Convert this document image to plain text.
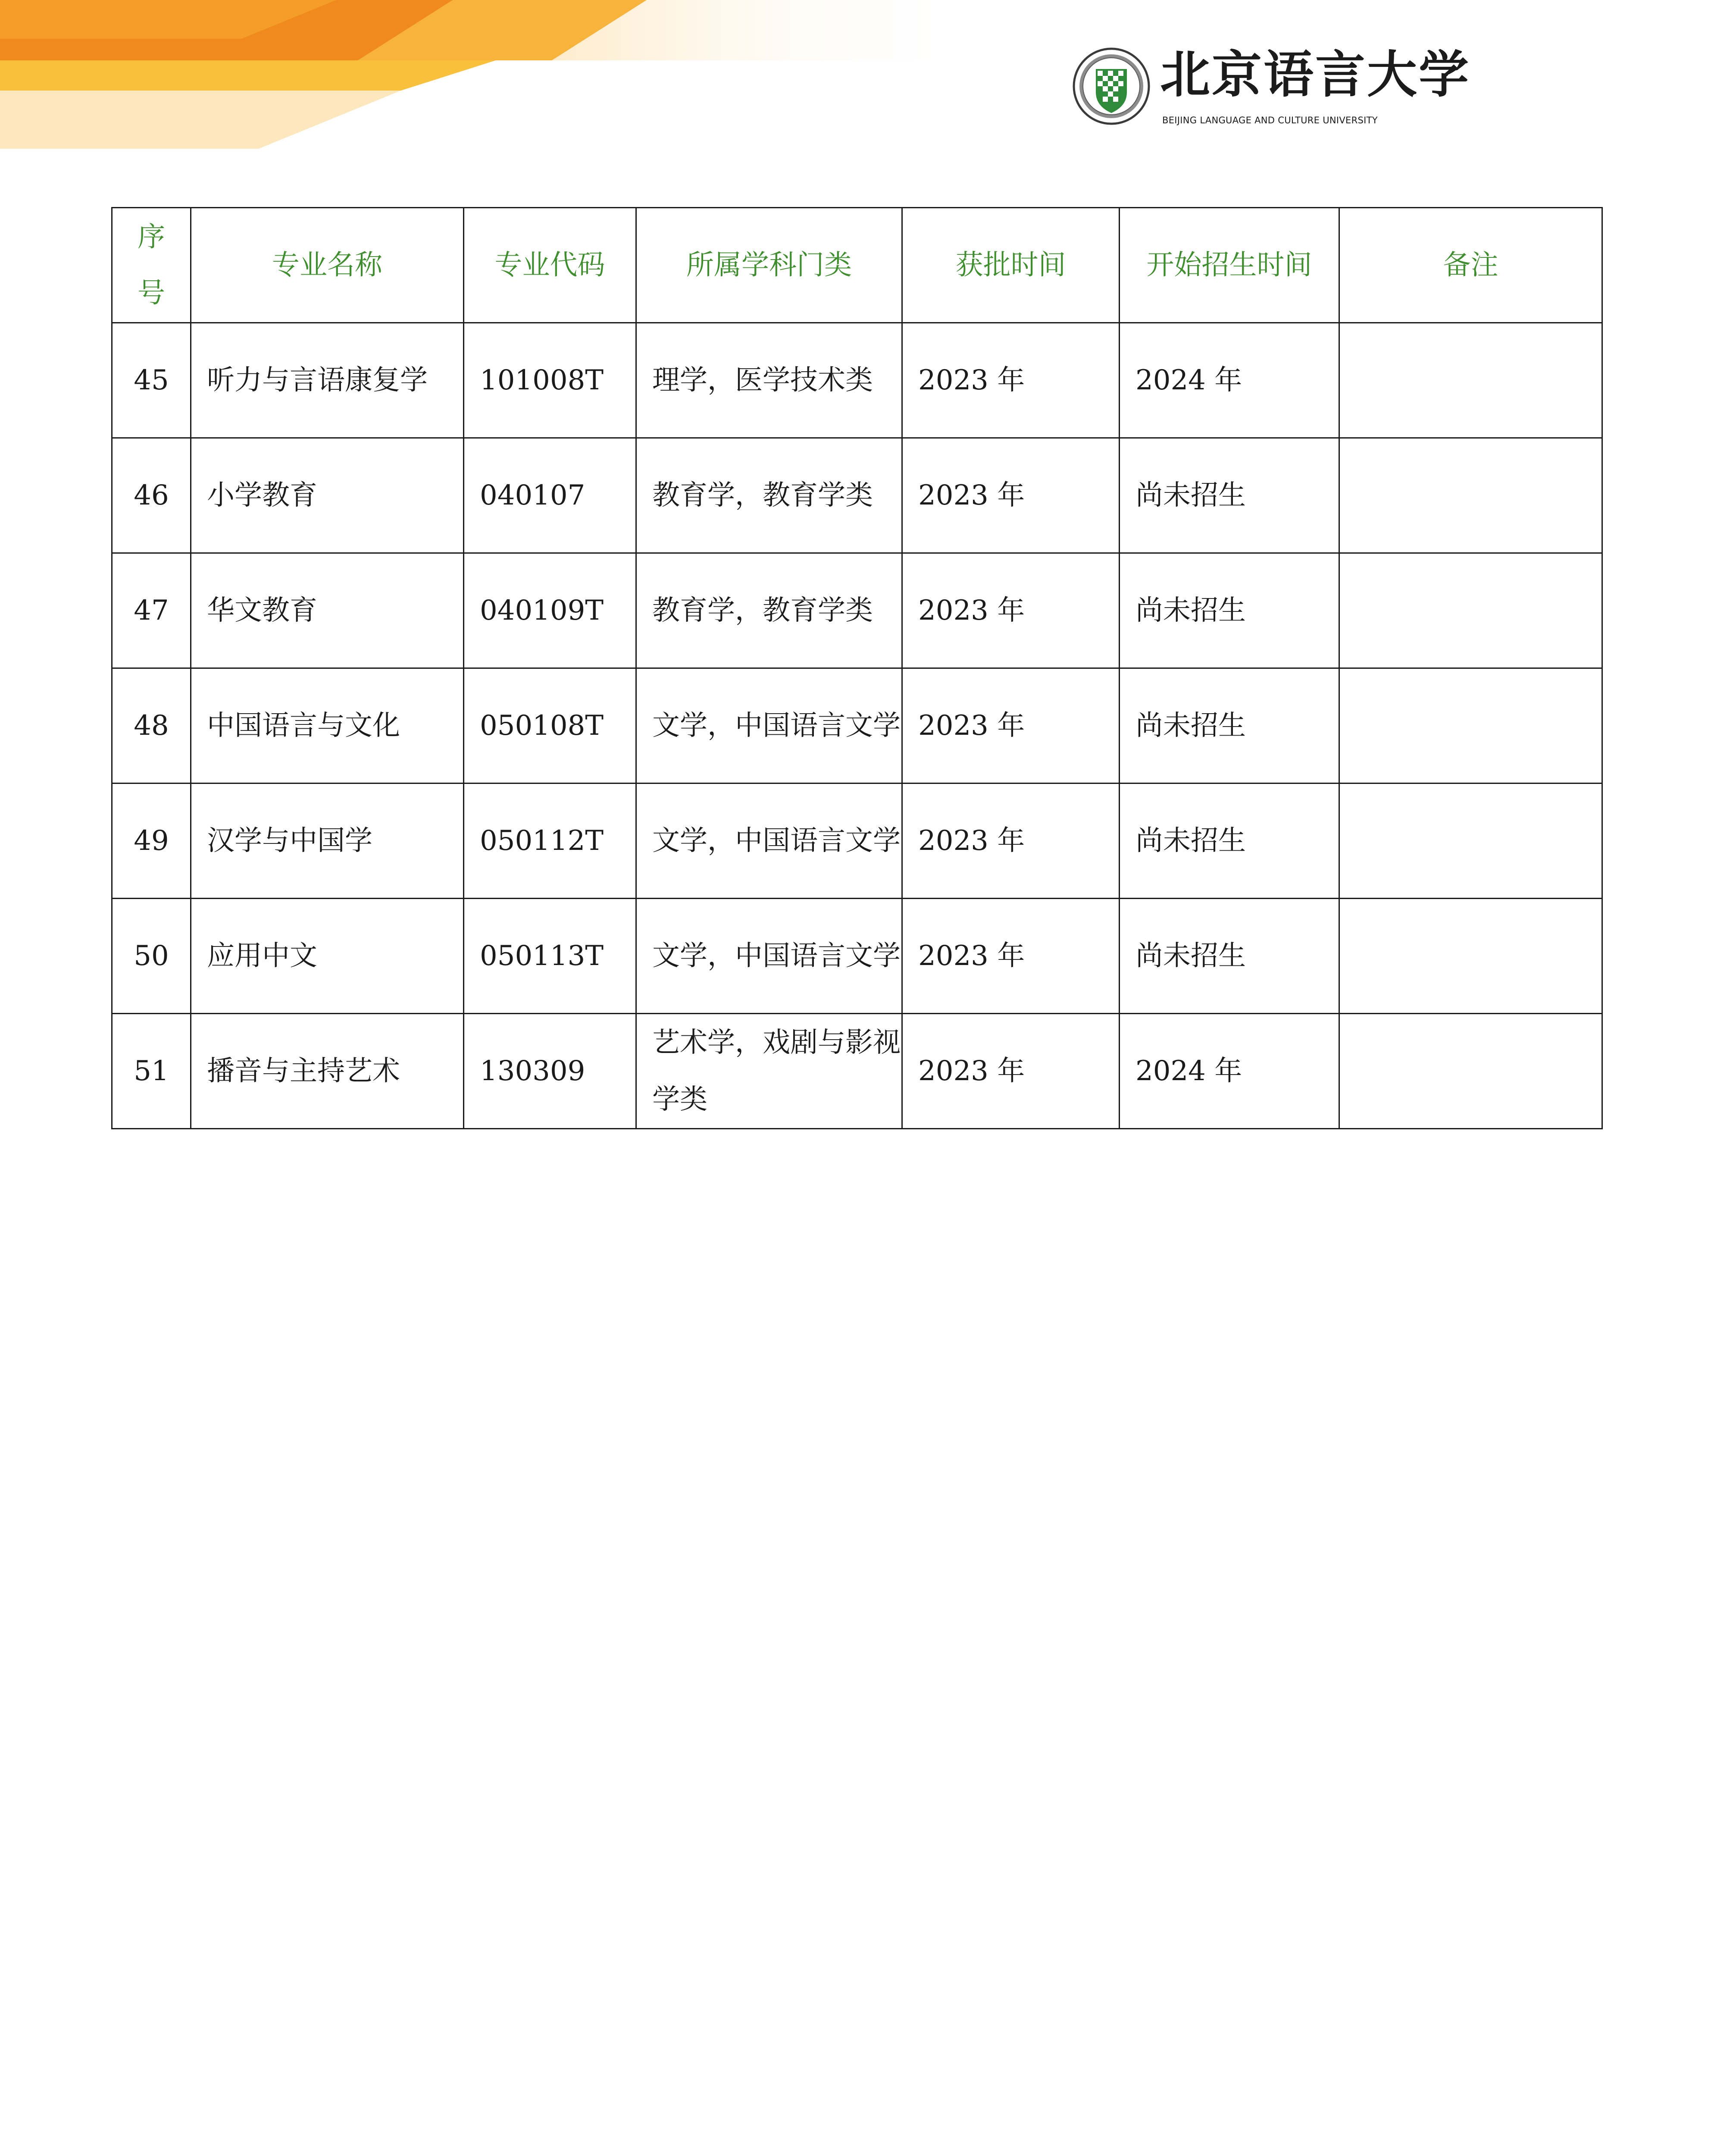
北京语言大学
BEIJING LANGUAGE AND CULTURE UNIVERSITY
序号	专业名称	专业代码	所属学科门类	获批时间	开始招生时间	备注
45	听力与言语康复学	101008T	理学，医学技术类	2023 年	2024 年	
46	小学教育	040107	教育学，教育学类	2023 年	尚未招生	
47	华文教育	040109T	教育学，教育学类	2023 年	尚未招生	
48	中国语言与文化	050108T	文学，中国语言文学	2023 年	尚未招生	
49	汉学与中国学	050112T	文学，中国语言文学	2023 年	尚未招生	
50	应用中文	050113T	文学，中国语言文学	2023 年	尚未招生	
51	播音与主持艺术	130309	艺术学，戏剧与影视学类	2023 年	2024 年	
